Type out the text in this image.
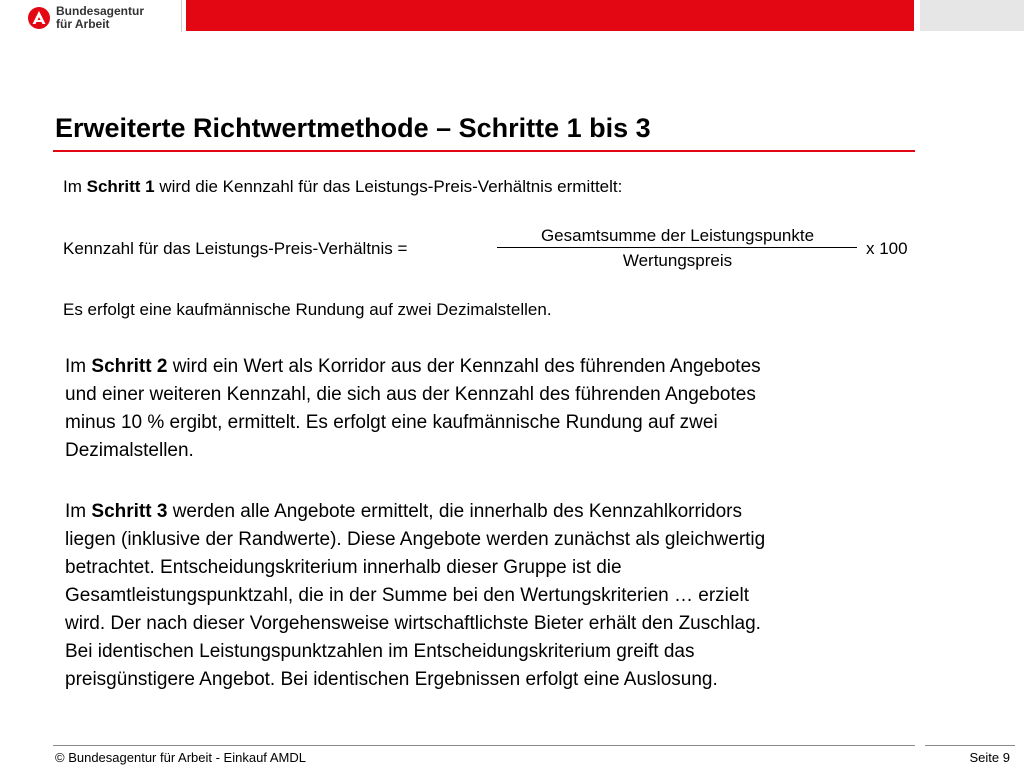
Bundesagentur
für Arbeit
Erweiterte Richtwertmethode – Schritte 1 bis 3

Im Schritt 1 wird die Kennzahl für das Leistungs-Preis-Verhältnis ermittelt:

Kennzahl für das Leistungs-Preis-Verhältnis =
Gesamtsumme der Leistungspunkte
Wertungspreis
x 100

Es erfolgt eine kaufmännische Rundung auf zwei Dezimalstellen.

Im Schritt 2 wird ein Wert als Korridor aus der Kennzahl des führenden Angebotes
und einer weiteren Kennzahl, die sich aus der Kennzahl des führenden Angebotes
minus 10 % ergibt, ermittelt. Es erfolgt eine kaufmännische Rundung auf zwei
Dezimalstellen.
Im Schritt 3 werden alle Angebote ermittelt, die innerhalb des Kennzahlkorridors
liegen (inklusive der Randwerte). Diese Angebote werden zunächst als gleichwertig
betrachtet. Entscheidungskriterium innerhalb dieser Gruppe ist die
Gesamtleistungspunktzahl, die in der Summe bei den Wertungskriterien … erzielt
wird. Der nach dieser Vorgehensweise wirtschaftlichste Bieter erhält den Zuschlag.
Bei identischen Leistungspunktzahlen im Entscheidungskriterium greift das
preisgünstigere Angebot. Bei identischen Ergebnissen erfolgt eine Auslosung.
© Bundesagentur für Arbeit - Einkauf AMDL	Seite 9
